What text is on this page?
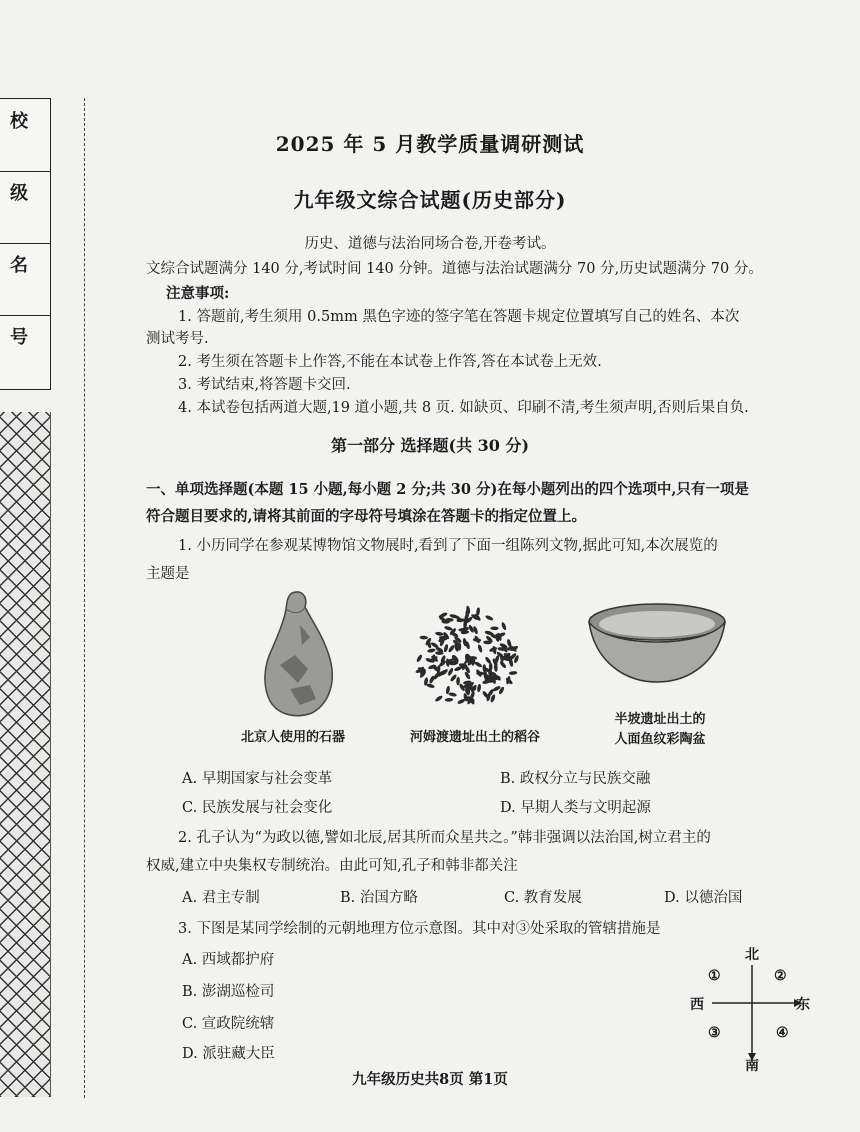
校
级
名
号
2025 年 5 月教学质量调研测试
九年级文综合试题(历史部分)
历史、道德与法治同场合卷,开卷考试。
文综合试题满分 140 分,考试时间 140 分钟。道德与法治试题满分 70 分,历史试题满分 70 分。
注意事项:
1. 答题前,考生须用 0.5mm 黑色字迹的签字笔在答题卡规定位置填写自己的姓名、本次
测试考号.
2. 考生须在答题卡上作答,不能在本试卷上作答,答在本试卷上无效.
3. 考试结束,将答题卡交回.
4. 本试卷包括两道大题,19 道小题,共 8 页. 如缺页、印刷不清,考生须声明,否则后果自负.
第一部分 选择题(共 30 分)
一、单项选择题(本题 15 小题,每小题 2 分;共 30 分)在每小题列出的四个选项中,只有一项是
符合题目要求的,请将其前面的字母符号填涂在答题卡的指定位置上。
1. 小历同学在参观某博物馆文物展时,看到了下面一组陈列文物,据此可知,本次展览的
主题是
北京人使用的石器	河姆渡遗址出土的稻谷
半坡遗址出土的
人面鱼纹彩陶盆
A. 早期国家与社会变革	B. 政权分立与民族交融
C. 民族发展与社会变化	D. 早期人类与文明起源
2. 孔子认为“为政以德,譬如北辰,居其所而众星共之。”韩非强调以法治国,树立君主的
权威,建立中央集权专制统治。由此可知,孔子和韩非都关注
A. 君主专制	B. 治国方略	C. 教育发展	D. 以德治国
3. 下图是某同学绘制的元朝地理方位示意图。其中对③处采取的管辖措施是
A. 西域都护府
B. 澎湖巡检司
C. 宣政院统辖
D. 派驻藏大臣
北
南
西	东
①	②
③	④
九年级历史共8页 第1页
